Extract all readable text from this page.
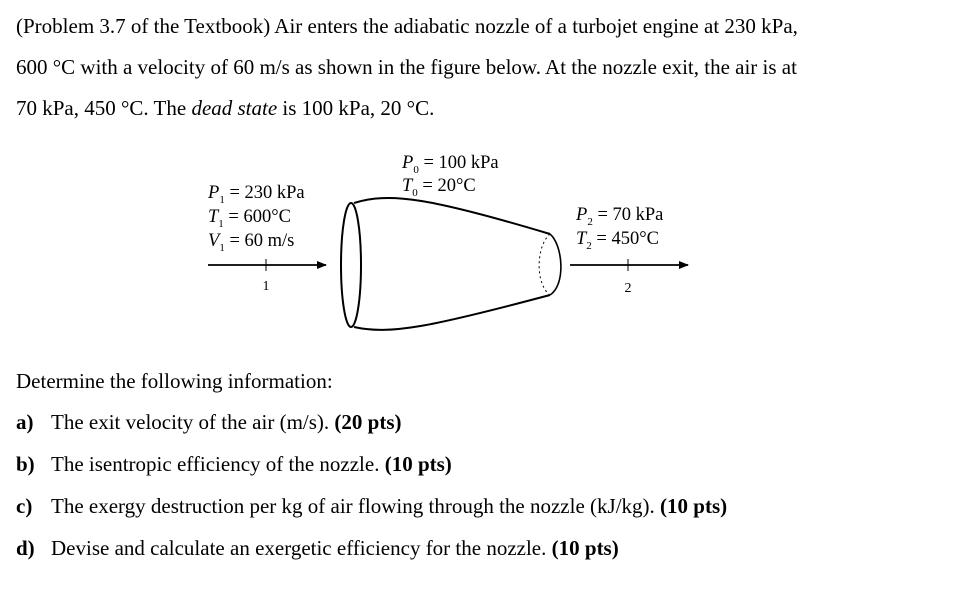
(Problem 3.7 of the Textbook) Air enters the adiabatic nozzle of a turbojet engine at 230 kPa,
600 °C with a velocity of 60 m/s as shown in the figure below. At the nozzle exit, the air is at
70 kPa, 450 °C. The dead state is 100 kPa, 20 °C.
$P_0 = 100$ kPa
$T_0 = 20^\circ C$
$P_1 = 230$ kPa
$T_1 = 600^\circ C$
$V_1 = 60$ m/s
1
$P_2 = 70$ kPa
$T_2 = 450^\circ C$
2
Determine the following information:
a) The exit velocity of the air (m/s). (20 pts)
b) The isentropic efficiency of the nozzle. (10 pts)
c) The exergy destruction per kg of air flowing through the nozzle (kJ/kg). (10 pts)
d) Devise and calculate an exergetic efficiency for the nozzle. (10 pts)
